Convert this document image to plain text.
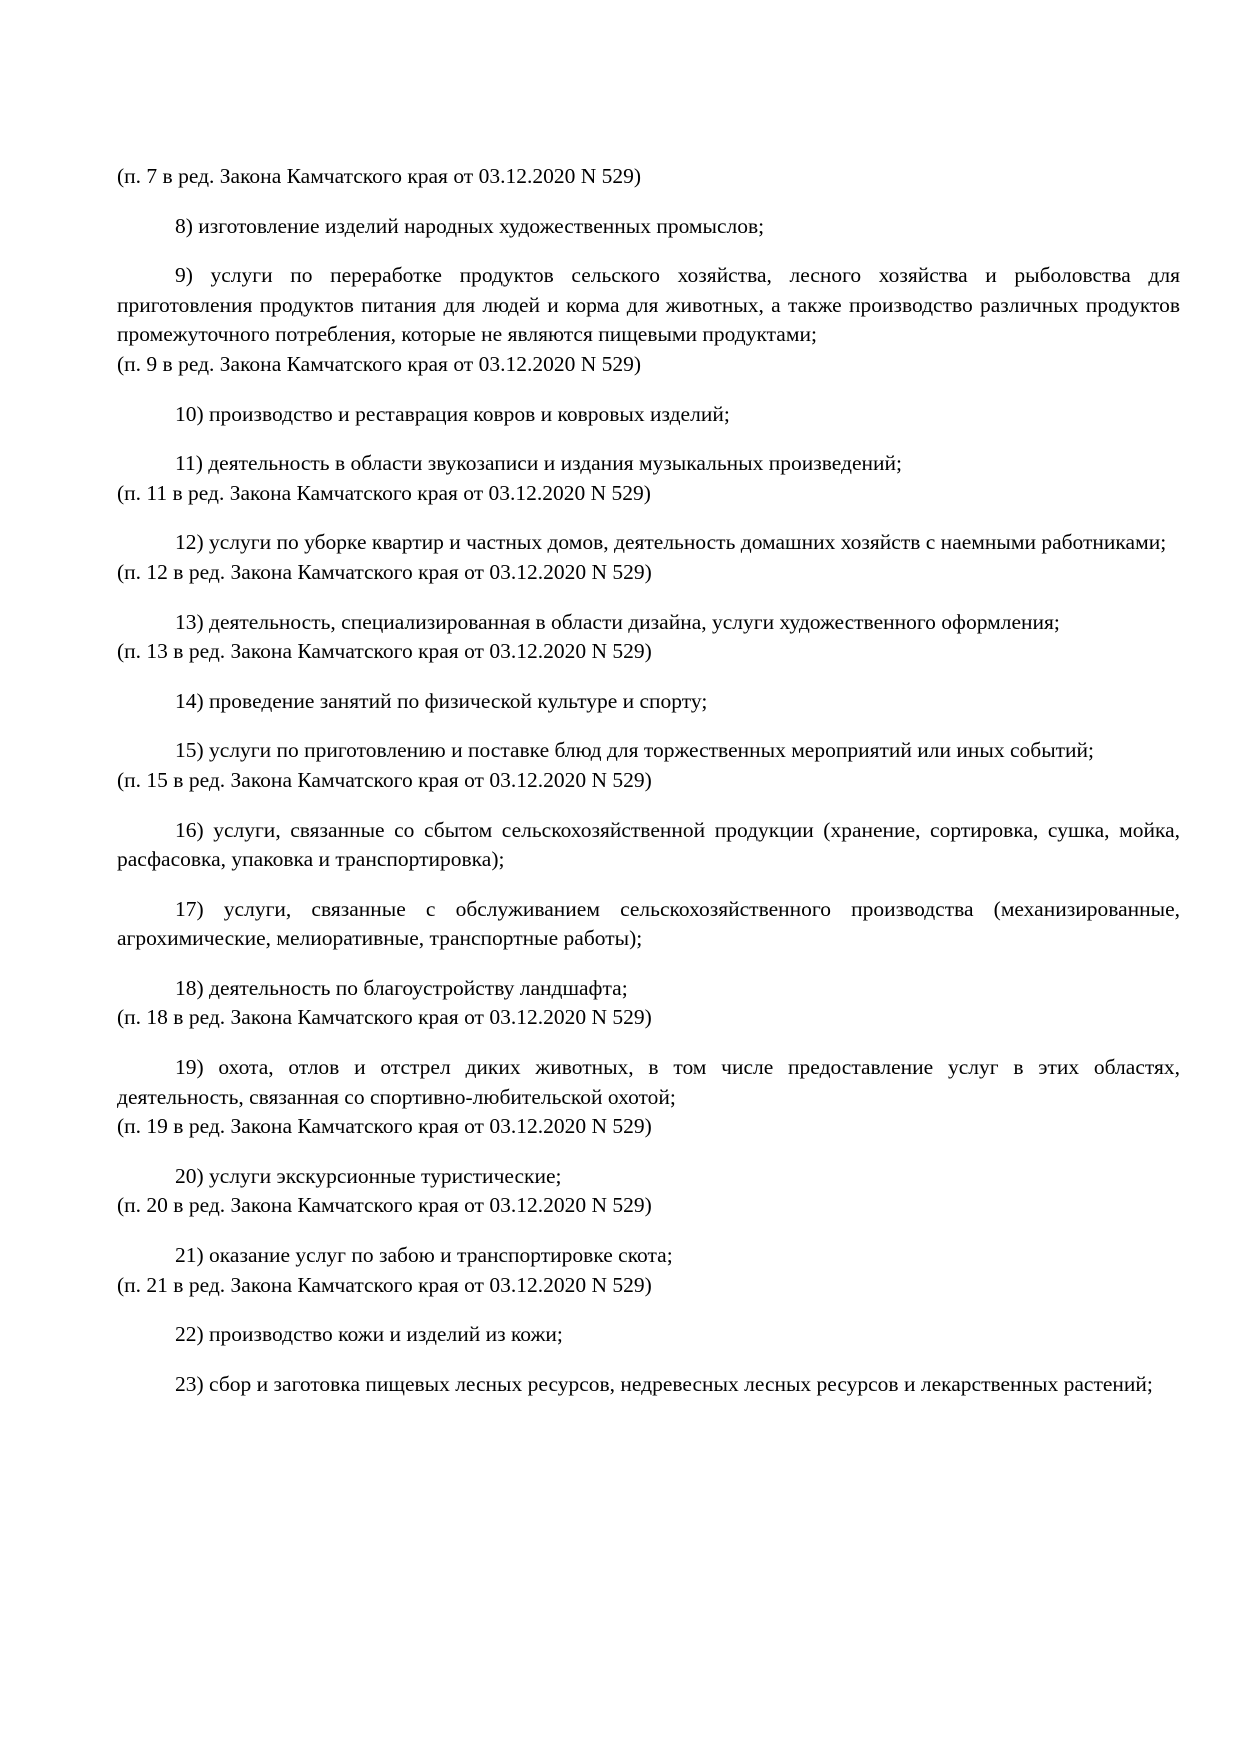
(п. 7 в ред. Закона Камчатского края от 03.12.2020 N 529)

8) изготовление изделий народных художественных промыслов;

9) услуги по переработке продуктов сельского хозяйства, лесного хозяйства и рыболовства для приготовления продуктов питания для людей и корма для животных, а также производство различных продуктов промежуточного потребления, которые не являются пищевыми продуктами;

(п. 9 в ред. Закона Камчатского края от 03.12.2020 N 529)

10) производство и реставрация ковров и ковровых изделий;

11) деятельность в области звукозаписи и издания музыкальных произведений;

(п. 11 в ред. Закона Камчатского края от 03.12.2020 N 529)

12) услуги по уборке квартир и частных домов, деятельность домашних хозяйств с наемными работниками;

(п. 12 в ред. Закона Камчатского края от 03.12.2020 N 529)

13) деятельность, специализированная в области дизайна, услуги художественного оформления;

(п. 13 в ред. Закона Камчатского края от 03.12.2020 N 529)

14) проведение занятий по физической культуре и спорту;

15) услуги по приготовлению и поставке блюд для торжественных мероприятий или иных событий;

(п. 15 в ред. Закона Камчатского края от 03.12.2020 N 529)

16) услуги, связанные со сбытом сельскохозяйственной продукции (хранение, сортировка, сушка, мойка, расфасовка, упаковка и транспортировка);

17) услуги, связанные с обслуживанием сельскохозяйственного производства (механизированные, агрохимические, мелиоративные, транспортные работы);

18) деятельность по благоустройству ландшафта;

(п. 18 в ред. Закона Камчатского края от 03.12.2020 N 529)

19) охота, отлов и отстрел диких животных, в том числе предоставление услуг в этих областях, деятельность, связанная со спортивно-любительской охотой;

(п. 19 в ред. Закона Камчатского края от 03.12.2020 N 529)

20) услуги экскурсионные туристические;

(п. 20 в ред. Закона Камчатского края от 03.12.2020 N 529)

21) оказание услуг по забою и транспортировке скота;

(п. 21 в ред. Закона Камчатского края от 03.12.2020 N 529)

22) производство кожи и изделий из кожи;

23) сбор и заготовка пищевых лесных ресурсов, недревесных лесных ресурсов и лекарственных растений;
